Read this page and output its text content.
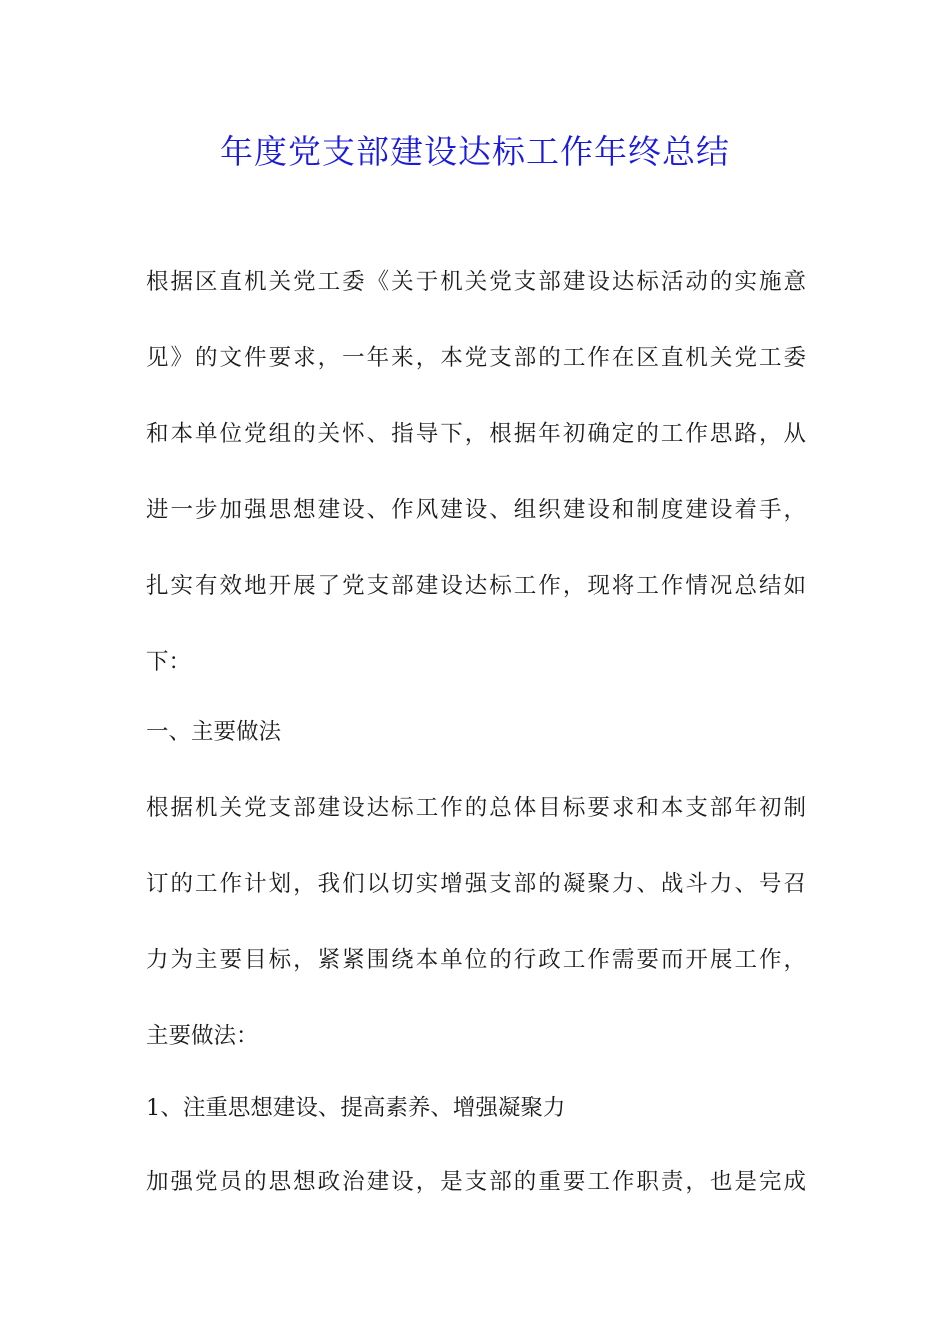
年度党支部建设达标工作年终总结

根据区直机关党工委《关于机关党支部建设达标活动的实施意

见》的文件要求，一年来，本党支部的工作在区直机关党工委

和本单位党组的关怀、指导下，根据年初确定的工作思路，从

进一步加强思想建设、作风建设、组织建设和制度建设着手，

扎实有效地开展了党支部建设达标工作，现将工作情况总结如

下：

一、主要做法

根据机关党支部建设达标工作的总体目标要求和本支部年初制

订的工作计划，我们以切实增强支部的凝聚力、战斗力、号召

力为主要目标，紧紧围绕本单位的行政工作需要而开展工作，

主要做法：

1、注重思想建设、提高素养、增强凝聚力

加强党员的思想政治建设，是支部的重要工作职责，也是完成
